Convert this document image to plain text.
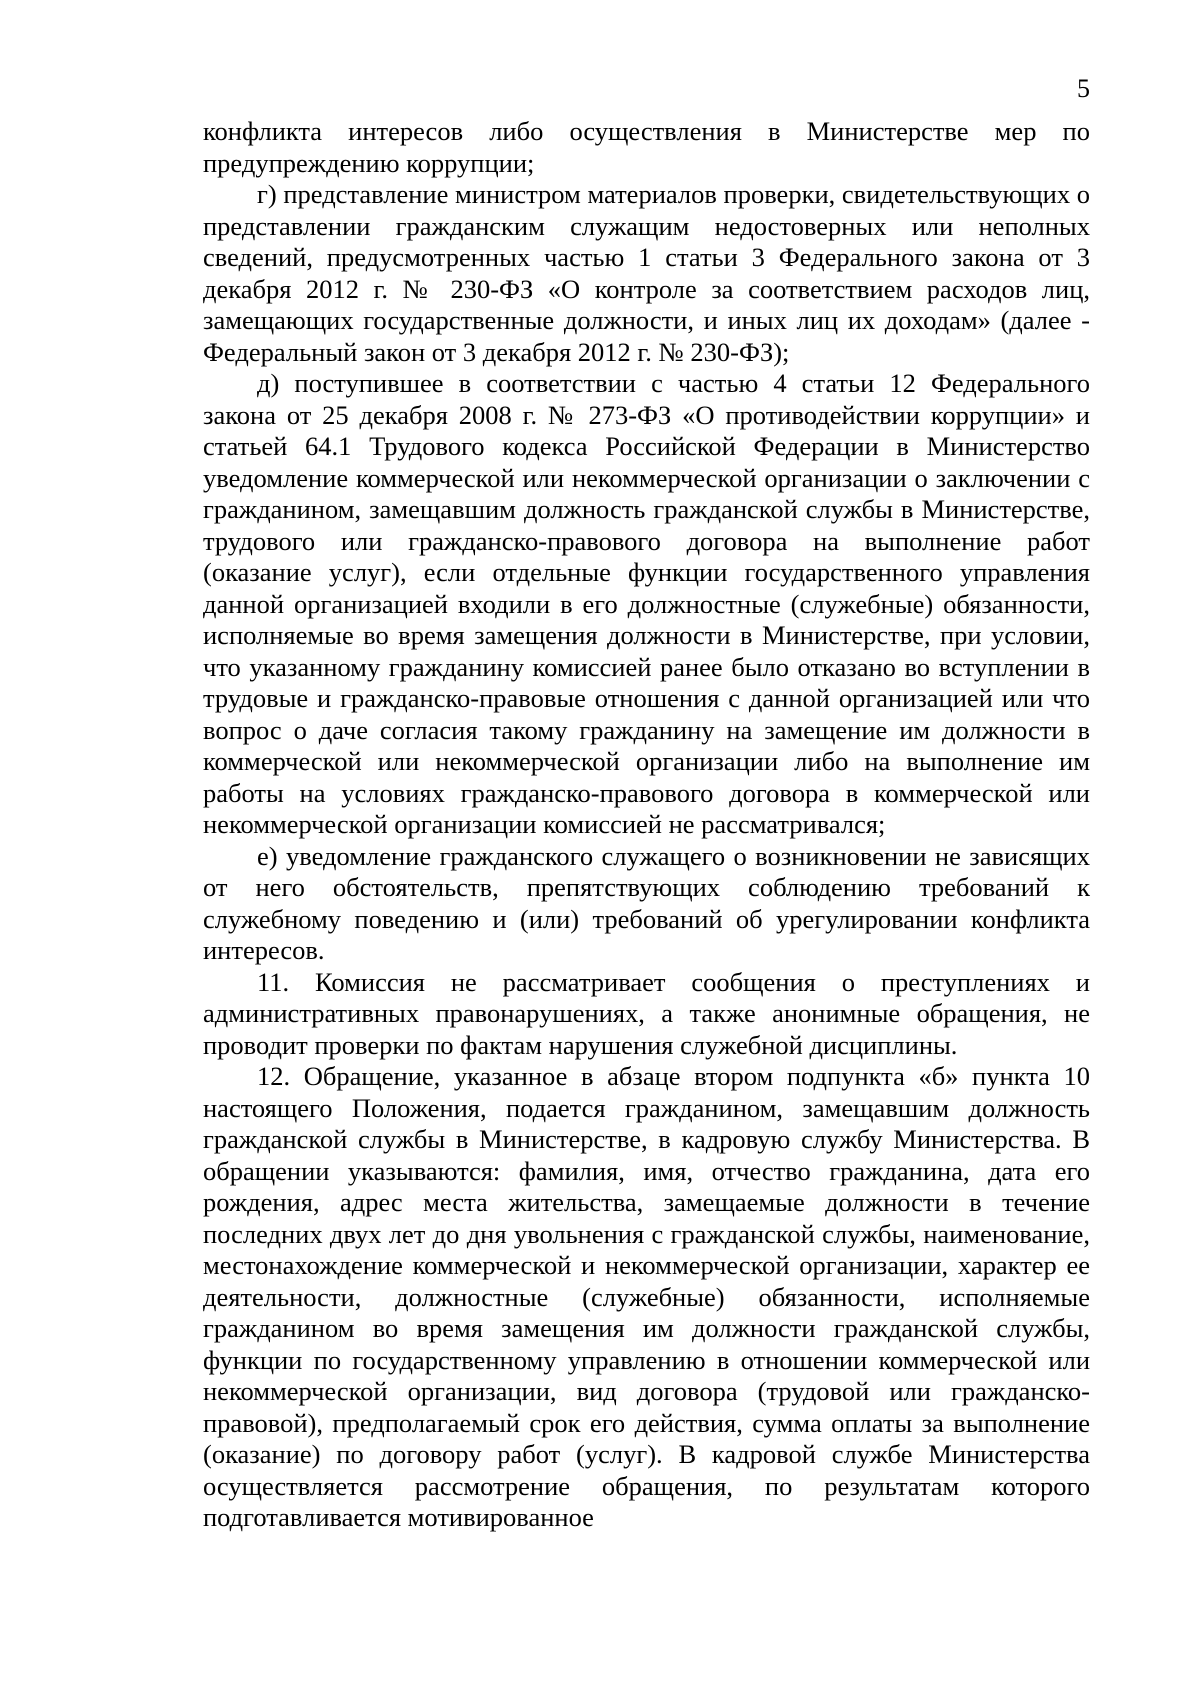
5

конфликта интересов либо осуществления в Министерстве мер по предупреждению коррупции;

г) представление министром материалов проверки, свидетельствующих о представлении гражданским служащим недостоверных или неполных сведений, предусмотренных частью 1 статьи 3 Федерального закона от 3 декабря 2012 г. № 230-ФЗ «О контроле за соответствием расходов лиц, замещающих государственные должности, и иных лиц их доходам» (далее - Федеральный закон от 3 декабря 2012 г. № 230-ФЗ);

д) поступившее в соответствии с частью 4 статьи 12 Федерального закона от 25 декабря 2008 г. № 273-ФЗ «О противодействии коррупции» и статьей 64.1 Трудового кодекса Российской Федерации в Министерство уведомление коммерческой или некоммерческой организации о заключении с гражданином, замещавшим должность гражданской службы в Министерстве, трудового или гражданско-правового договора на выполнение работ (оказание услуг), если отдельные функции государственного управления данной организацией входили в его должностные (служебные) обязанности, исполняемые во время замещения должности в Министерстве, при условии, что указанному гражданину комиссией ранее было отказано во вступлении в трудовые и гражданско-правовые отношения с данной организацией или что вопрос о даче согласия такому гражданину на замещение им должности в коммерческой или некоммерческой организации либо на выполнение им работы на условиях гражданско-правового договора в коммерческой или некоммерческой организации комиссией не рассматривался;

е) уведомление гражданского служащего о возникновении не зависящих от него обстоятельств, препятствующих соблюдению требований к служебному поведению и (или) требований об урегулировании конфликта интересов.

11. Комиссия не рассматривает сообщения о преступлениях и административных правонарушениях, а также анонимные обращения, не проводит проверки по фактам нарушения служебной дисциплины.

12. Обращение, указанное в абзаце втором подпункта «б» пункта 10 настоящего Положения, подается гражданином, замещавшим должность гражданской службы в Министерстве, в кадровую службу Министерства. В обращении указываются: фамилия, имя, отчество гражданина, дата его рождения, адрес места жительства, замещаемые должности в течение последних двух лет до дня увольнения с гражданской службы, наименование, местонахождение коммерческой и некоммерческой организации, характер ее деятельности, должностные (служебные) обязанности, исполняемые гражданином во время замещения им должности гражданской службы, функции по государственному управлению в отношении коммерческой или некоммерческой организации, вид договора (трудовой или гражданско-правовой), предполагаемый срок его действия, сумма оплаты за выполнение (оказание) по договору работ (услуг). В кадровой службе Министерства осуществляется рассмотрение обращения, по результатам которого подготавливается мотивированное
